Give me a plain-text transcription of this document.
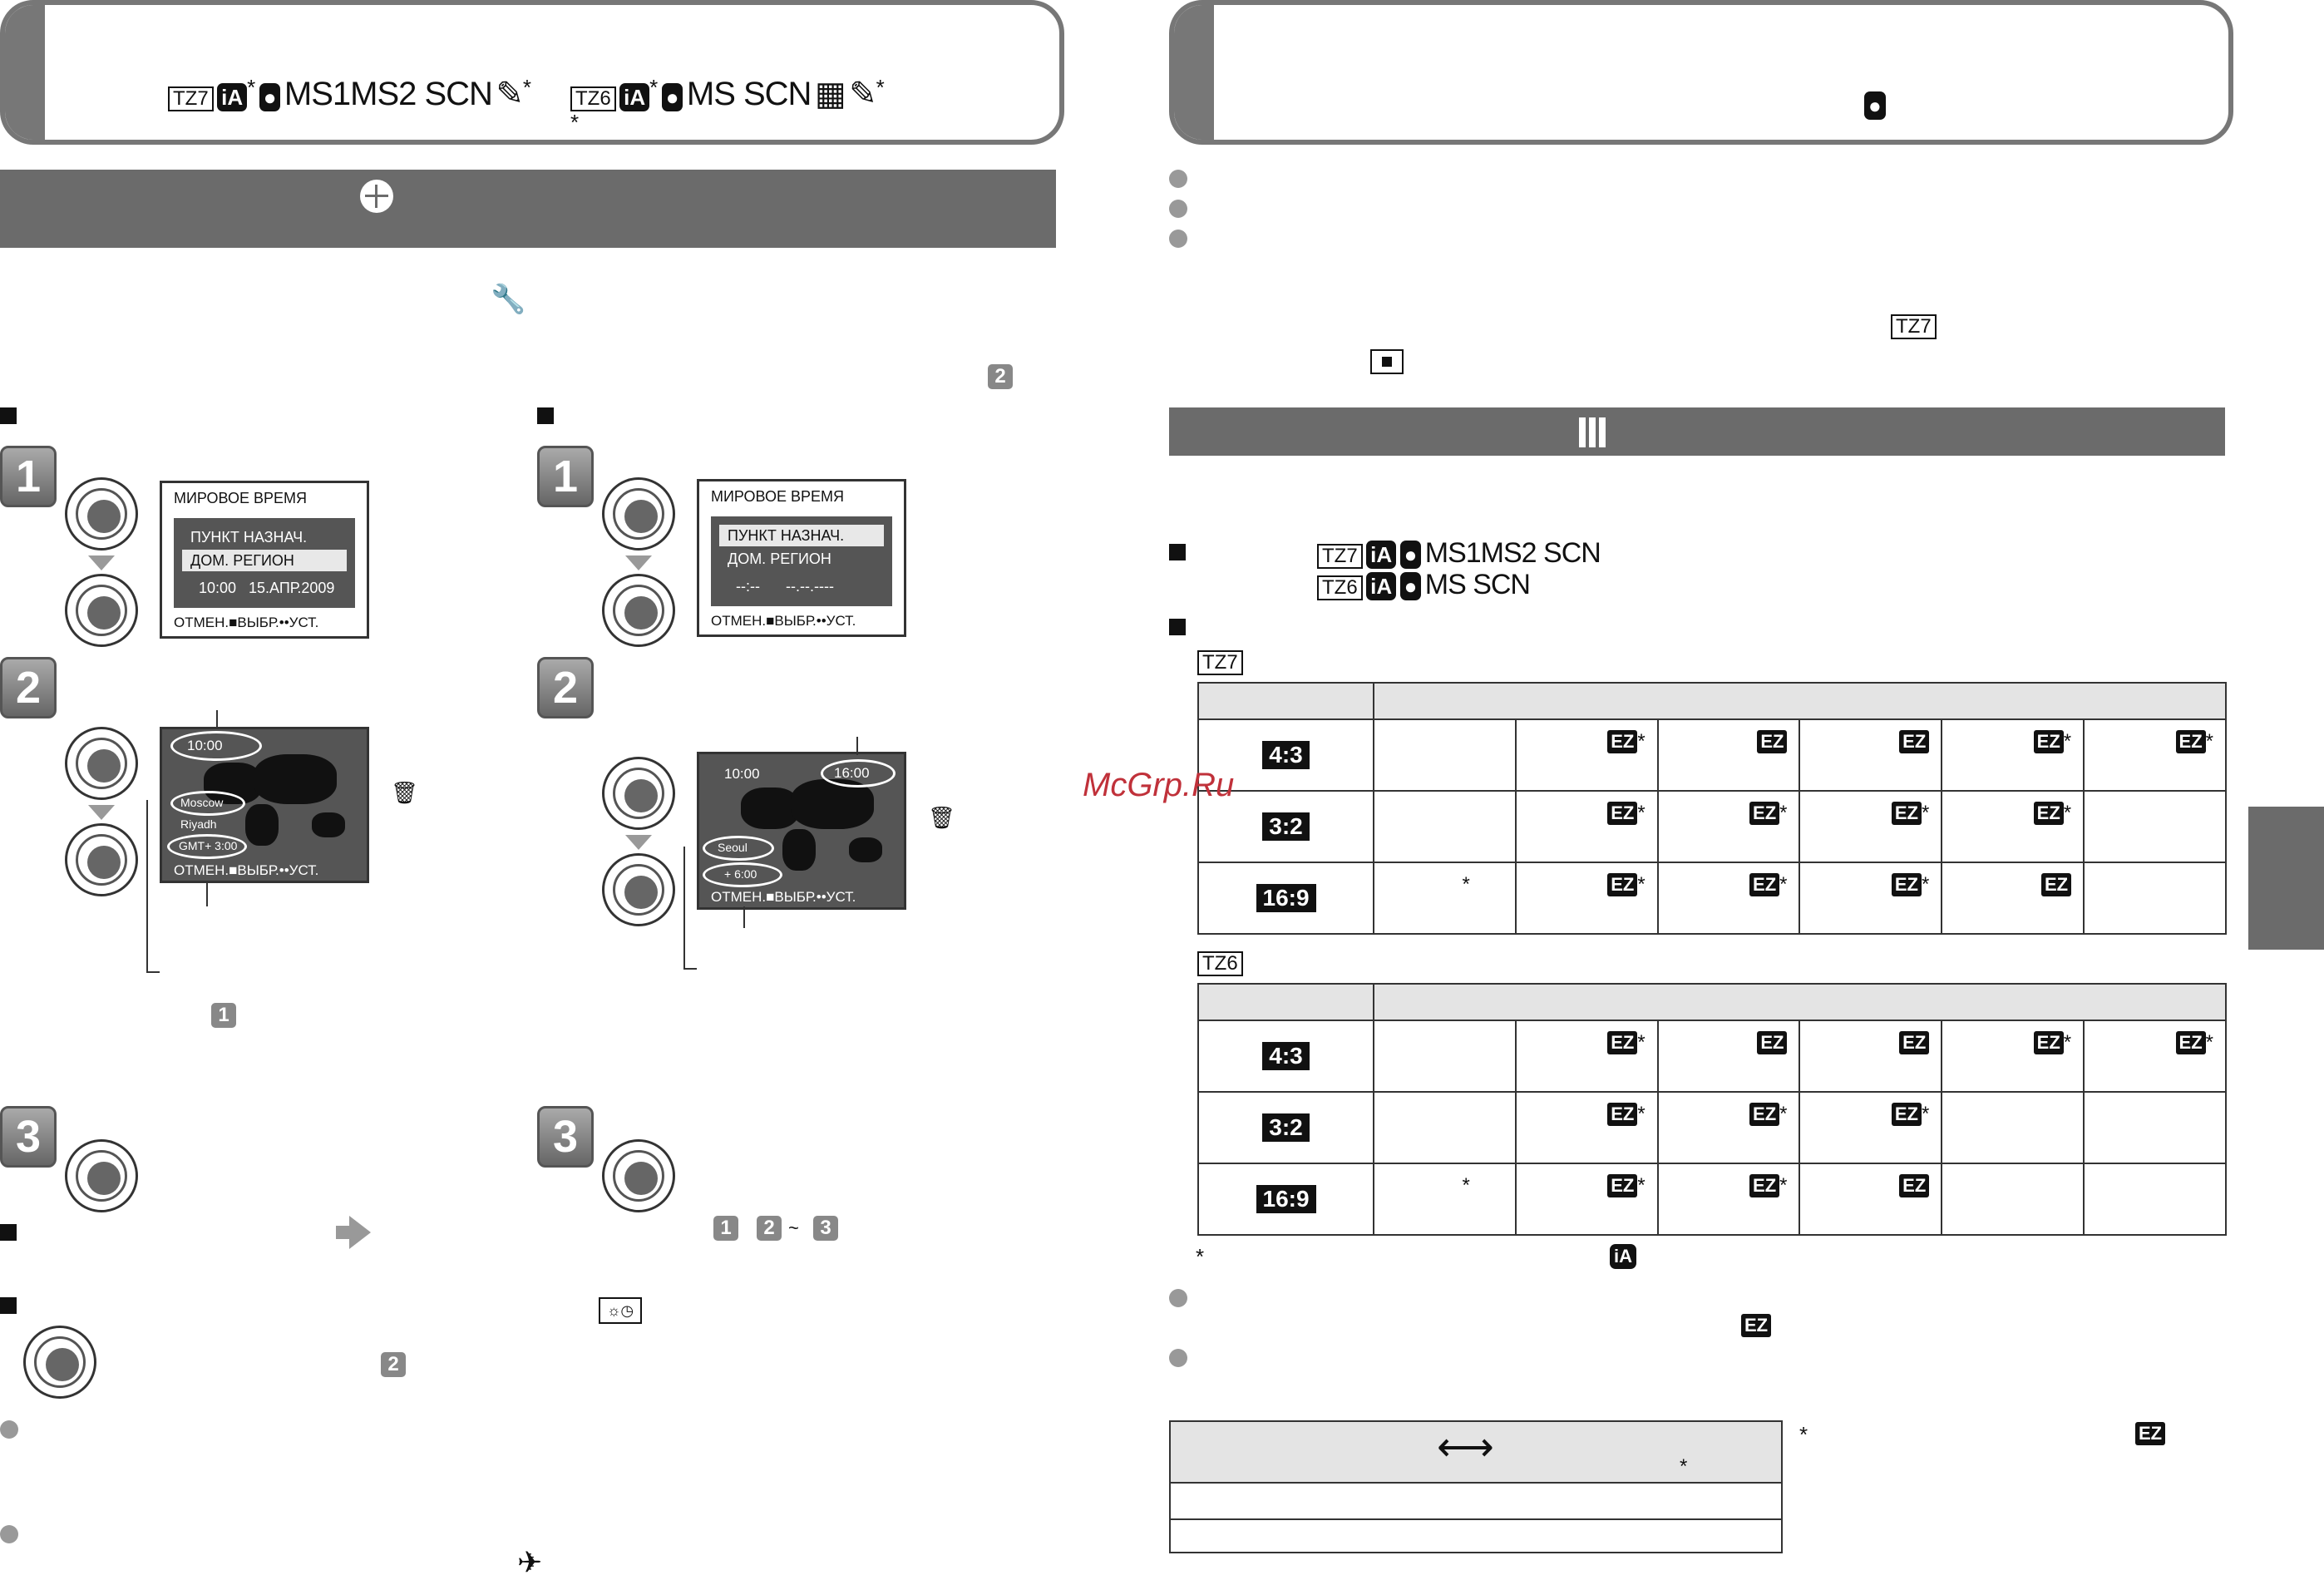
TZ7 iA * ● MS1MS2 SCN ✎* TZ6 iA * ● MS SCN ▦ ✎*
*
🔧
2
1	МИРОВОЕ ВРЕМЯ
ПУНКТ НАЗНАЧ.
ДОМ. РЕГИОН
10:00 15.АПР.2009
ОТМЕН.■ВЫБР.••УСТ.
1	МИРОВОЕ ВРЕМЯ
ПУНКТ НАЗНАЧ.
ДОМ. РЕГИОН
--:-- --.--.----
ОТМЕН.■ВЫБР.••УСТ.
2
10:00
Moscow
Riyadh
GMT+ 3:00
ОТМЕН.■ВЫБР.••УСТ.
🗑
1
2
10:00	16:00
Seoul
+ 6:00
ОТМЕН.■ВЫБР.••УСТ.
🗑
3
2
✈
3
1	2 ~	3
☼◷
●
TZ7
TZ7 iA ● MS1MS2 SCN
TZ6 iA ● MS SCN
TZ7

4:3		EZ *	EZ	EZ	EZ *	EZ *

3:2		EZ *	EZ *	EZ *	EZ *	

16:9	*	EZ *	EZ *	EZ *	EZ	

TZ6

4:3		EZ *	EZ	EZ	EZ *	EZ *

3:2		EZ *	EZ *	EZ *		

16:9	*	EZ *	EZ *	EZ		

*	iA
EZ
McGrp.Ru
⟷	*
*	EZ
